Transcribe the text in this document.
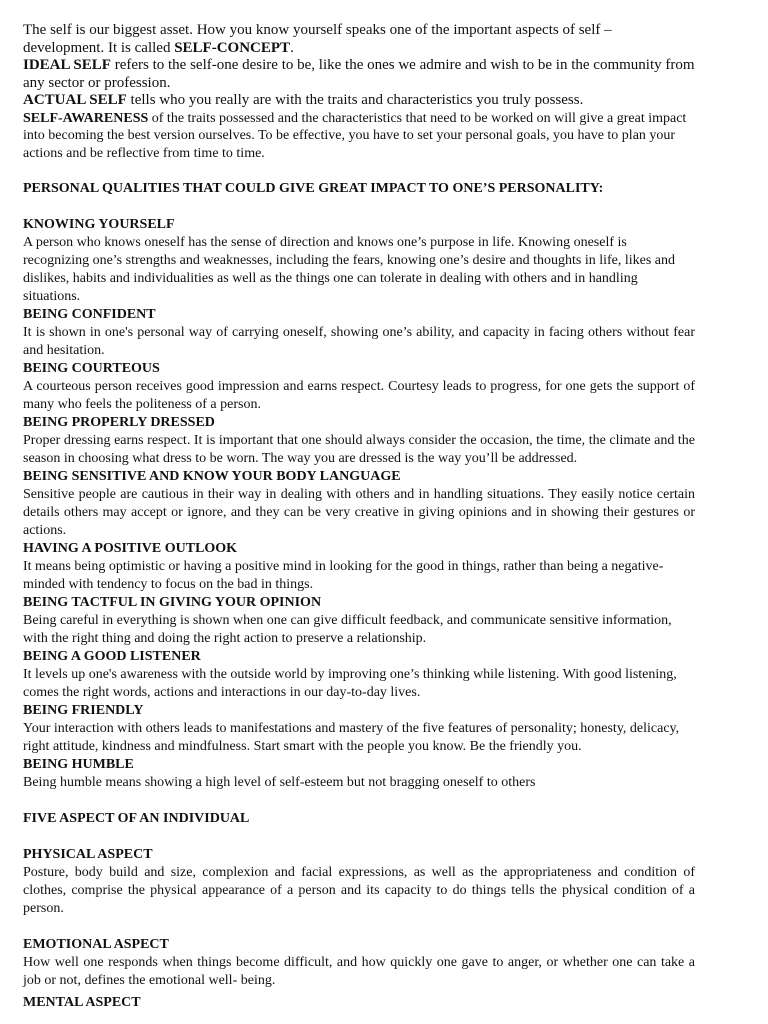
The self is our biggest asset. How you know yourself speaks one of the important aspects of self – development. It is called SELF-CONCEPT.

IDEAL SELF refers to the self-one desire to be, like the ones we admire and wish to be in the community from any sector or profession.

ACTUAL SELF tells who you really are with the traits and characteristics you truly possess.

SELF-AWARENESS of the traits possessed and the characteristics that need to be worked on will give a great impact into becoming the best version ourselves. To be effective, you have to set your personal goals, you have to plan your actions and be reflective from time to time.

PERSONAL QUALITIES THAT COULD GIVE GREAT IMPACT TO ONE’S PERSONALITY:

KNOWING YOURSELF

A person who knows oneself has the sense of direction and knows one’s purpose in life. Knowing oneself is recognizing one’s strengths and weaknesses, including the fears, knowing one’s desire and thoughts in life, likes and dislikes, habits and individualities as well as the things one can tolerate in dealing with others and in handling situations.

BEING CONFIDENT

It is shown in one's personal way of carrying oneself, showing one’s ability, and capacity in facing others without fear and hesitation.

BEING COURTEOUS

A courteous person receives good impression and earns respect. Courtesy leads to progress, for one gets the support of many who feels the politeness of a person.

BEING PROPERLY DRESSED

Proper dressing earns respect. It is important that one should always consider the occasion, the time, the climate and the season in choosing what dress to be worn. The way you are dressed is the way you’ll be addressed.

BEING SENSITIVE AND KNOW YOUR BODY LANGUAGE

Sensitive people are cautious in their way in dealing with others and in handling situations. They easily notice certain details others may accept or ignore, and they can be very creative in giving opinions and in showing their gestures or actions.

HAVING A POSITIVE OUTLOOK

It means being optimistic or having a positive mind in looking for the good in things, rather than being a negative-minded with tendency to focus on the bad in things.

BEING TACTFUL IN GIVING YOUR OPINION

Being careful in everything is shown when one can give difficult feedback, and communicate sensitive information, with the right thing and doing the right action to preserve a relationship.

BEING A GOOD LISTENER

It levels up one's awareness with the outside world by improving one’s thinking while listening. With good listening, comes the right words, actions and interactions in our day-to-day lives.

BEING FRIENDLY

Your interaction with others leads to manifestations and mastery of the five features of personality; honesty, delicacy, right attitude, kindness and mindfulness. Start smart with the people you know. Be the friendly you.

BEING HUMBLE

Being humble means showing a high level of self-esteem but not bragging oneself to others

FIVE ASPECT OF AN INDIVIDUAL

PHYSICAL ASPECT

Posture, body build and size, complexion and facial expressions, as well as the appropriateness and condition of clothes, comprise the physical appearance of a person and its capacity to do things tells the physical condition of a person.

EMOTIONAL ASPECT

How well one responds when things become difficult, and how quickly one gave to anger, or whether one can take a job or not, defines the emotional well- being.

MENTAL ASPECT
